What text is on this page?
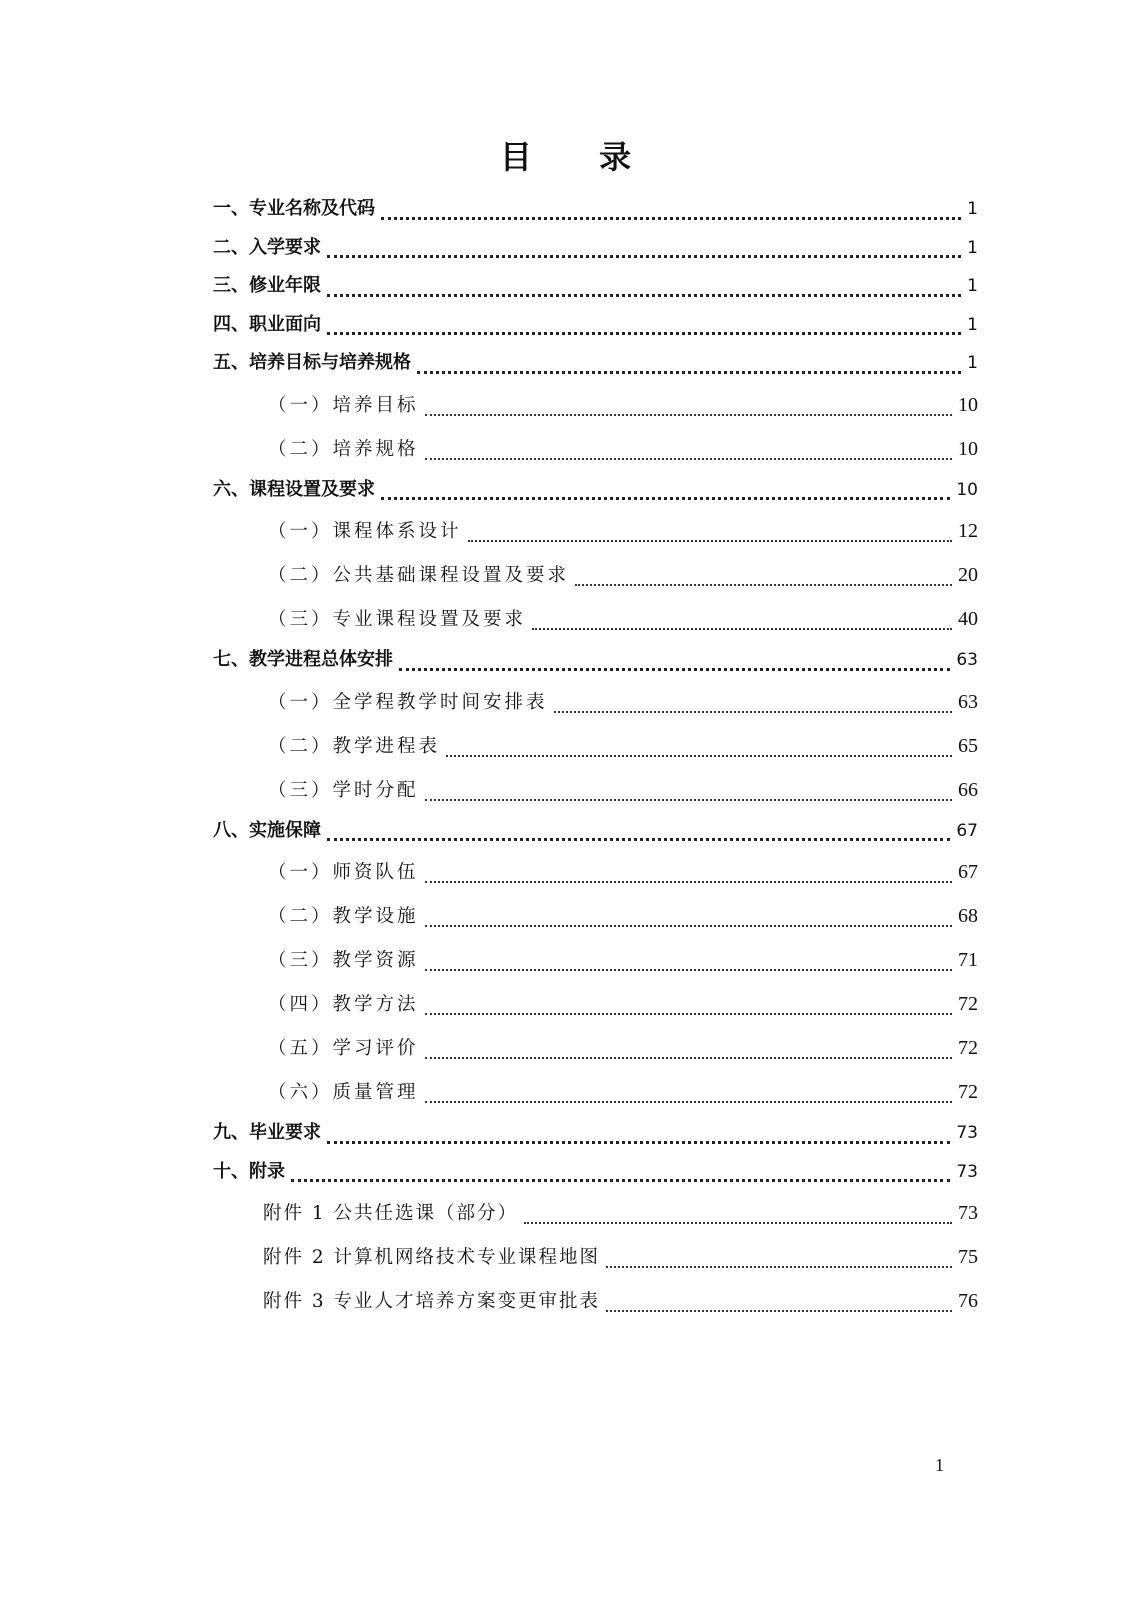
目 录
一、专业名称及代码	1
二、入学要求	1
三、修业年限	1
四、职业面向	1
五、培养目标与培养规格	1
（一）培养目标	10
（二）培养规格	10
六、课程设置及要求	10
（一）课程体系设计	12
（二）公共基础课程设置及要求	20
（三）专业课程设置及要求	40
七、教学进程总体安排	63
（一）全学程教学时间安排表	63
（二）教学进程表	65
（三）学时分配	66
八、实施保障	67
（一）师资队伍	67
（二）教学设施	68
（三）教学资源	71
（四）教学方法	72
（五）学习评价	72
（六）质量管理	72
九、毕业要求	73
十、附录	73
附件 1 公共任选课（部分）	73
附件 2 计算机网络技术专业课程地图	75
附件 3 专业人才培养方案变更审批表	76
1
